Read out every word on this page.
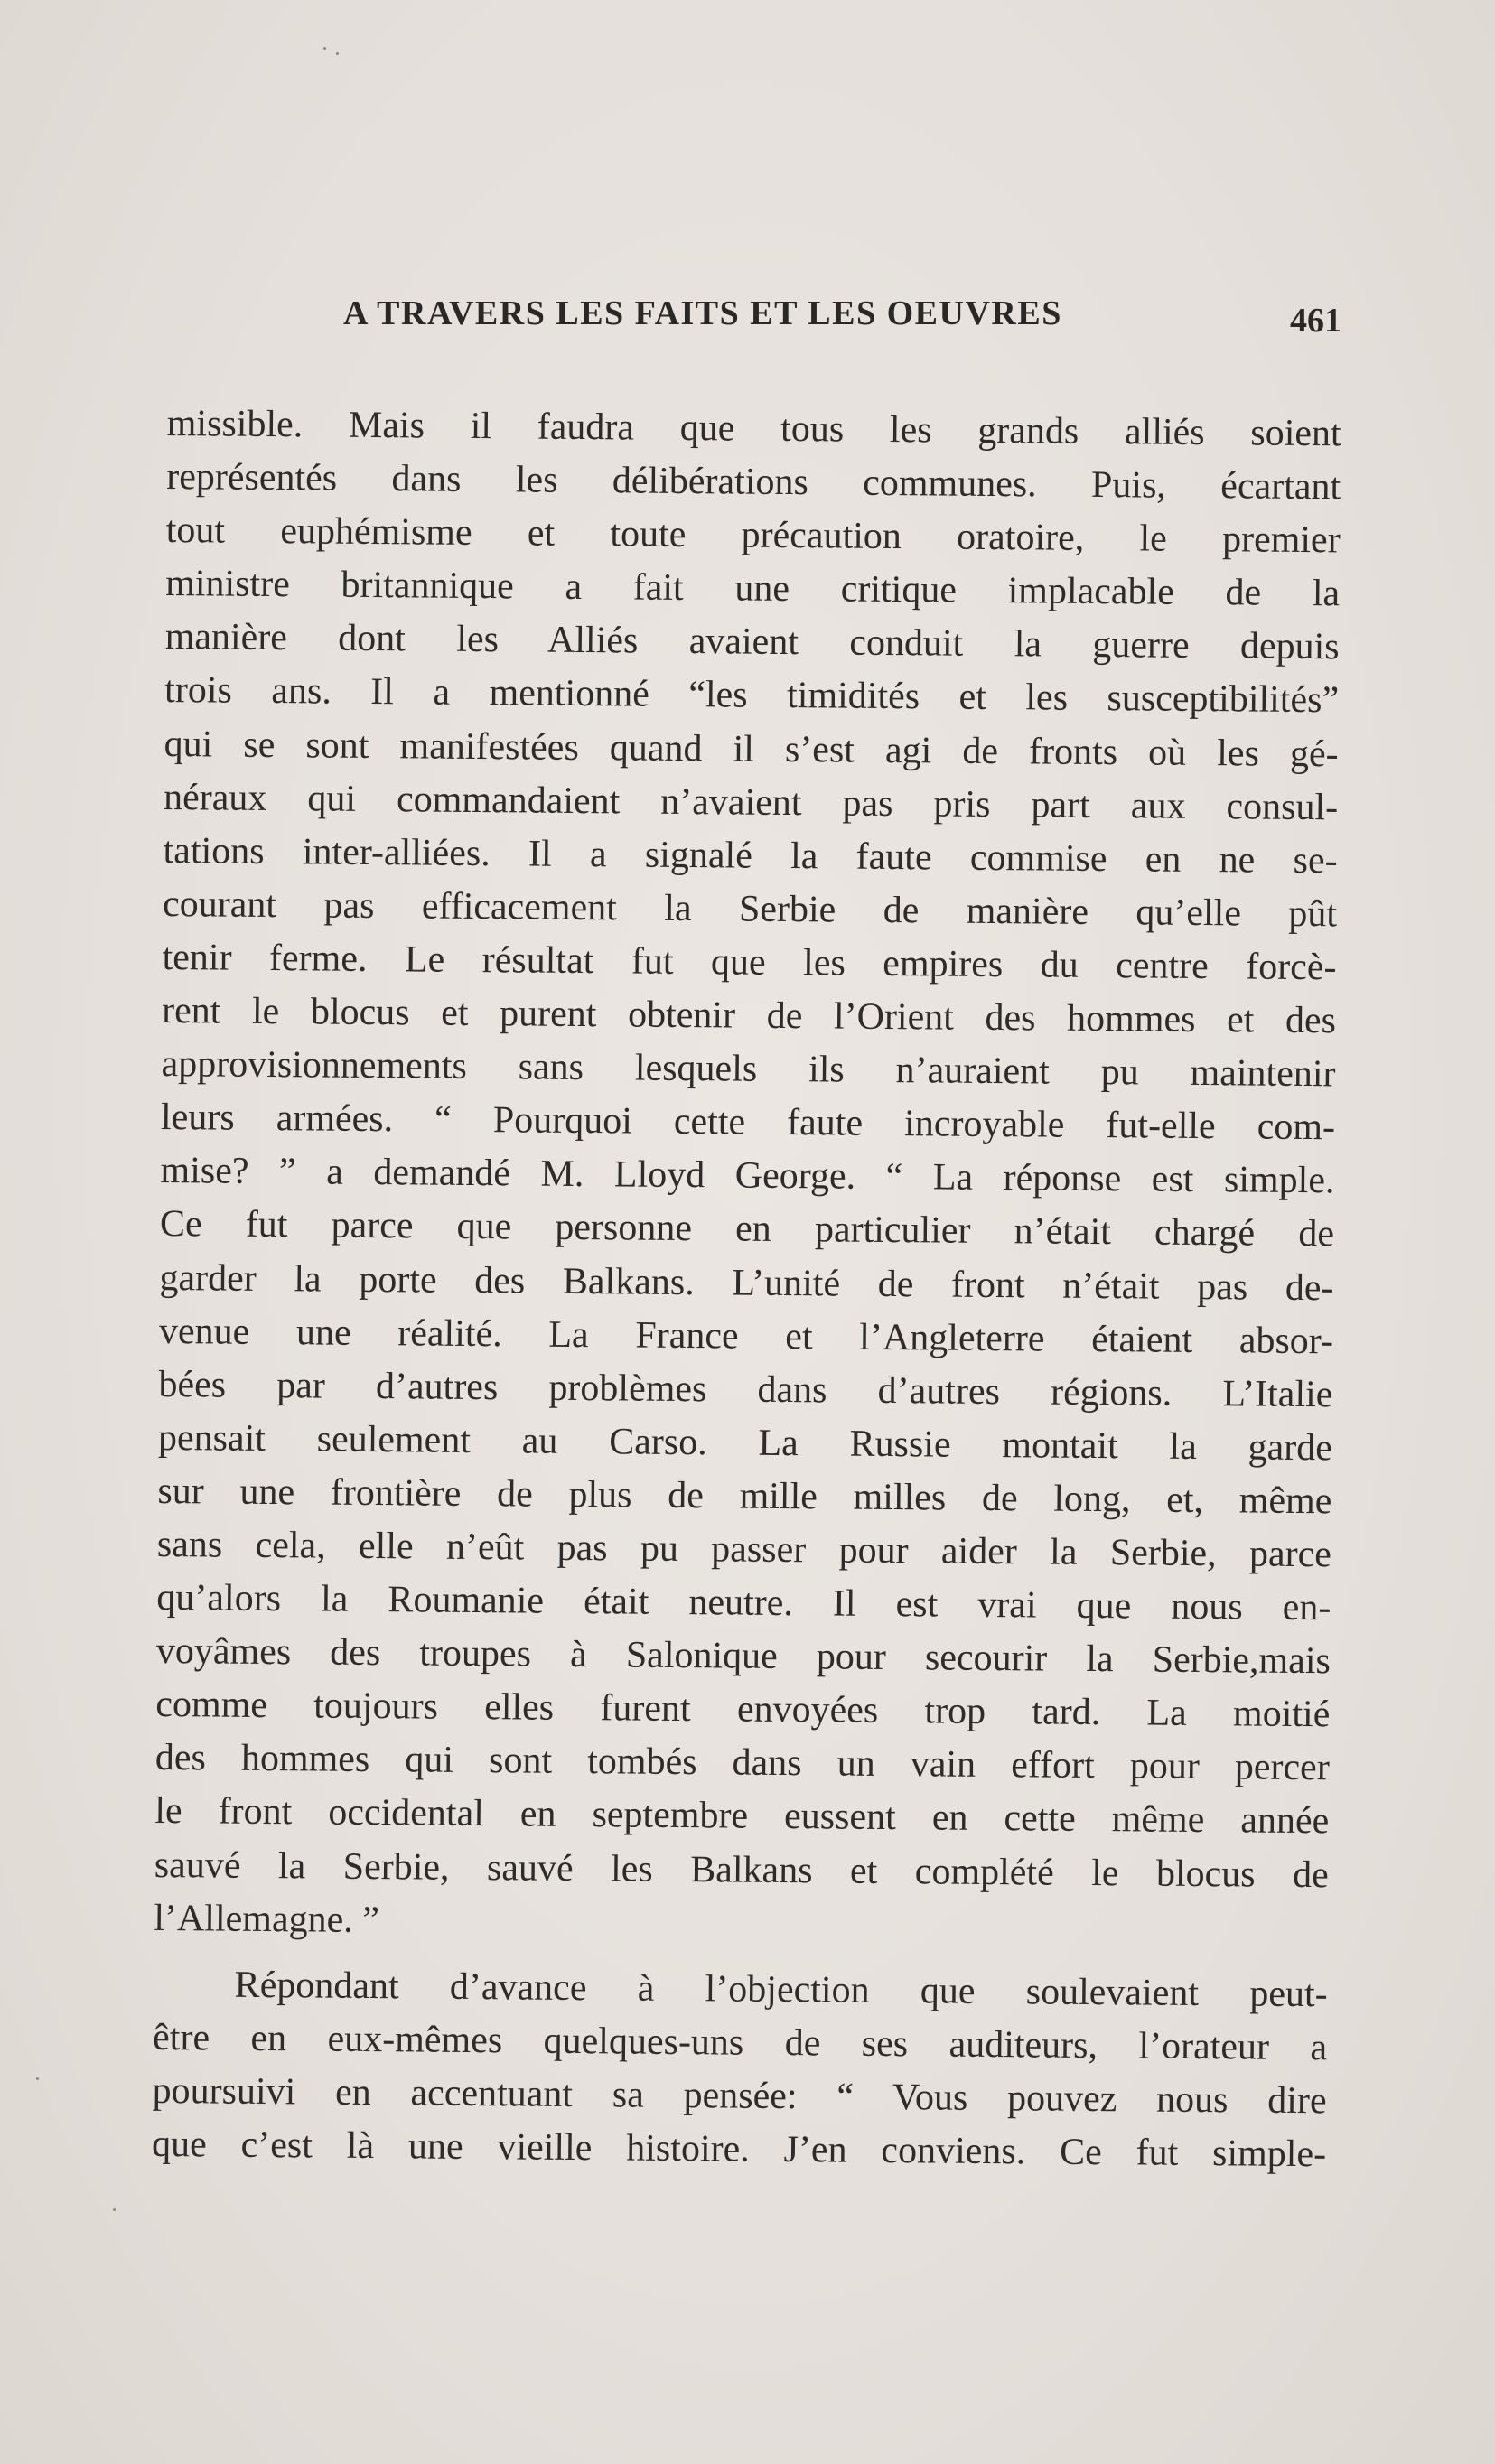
A TRAVERS LES FAITS ET LES OEUVRES	461
missible. Mais il faudra que tous les grands alliés soient
représentés dans les délibérations communes. Puis, écartant
tout euphémisme et toute précaution oratoire, le premier
ministre britannique a fait une critique implacable de la
manière dont les Alliés avaient conduit la guerre depuis
trois ans. Il a mentionné “les timidités et les susceptibilités”
qui se sont manifestées quand il s’est agi de fronts où les gé-
néraux qui commandaient n’avaient pas pris part aux consul-
tations inter-alliées. Il a signalé la faute commise en ne se-
courant pas efficacement la Serbie de manière qu’elle pût
tenir ferme. Le résultat fut que les empires du centre forcè-
rent le blocus et purent obtenir de l’Orient des hommes et des
approvisionnements sans lesquels ils n’auraient pu maintenir
leurs armées. “ Pourquoi cette faute incroyable fut-elle com-
mise? ” a demandé M. Lloyd George. “ La réponse est simple.
Ce fut parce que personne en particulier n’était chargé de
garder la porte des Balkans. L’unité de front n’était pas de-
venue une réalité. La France et l’Angleterre étaient absor-
bées par d’autres problèmes dans d’autres régions. L’Italie
pensait seulement au Carso. La Russie montait la garde
sur une frontière de plus de mille milles de long, et, même
sans cela, elle n’eût pas pu passer pour aider la Serbie, parce
qu’alors la Roumanie était neutre. Il est vrai que nous en-
voyâmes des troupes à Salonique pour secourir la Serbie,mais
comme toujours elles furent envoyées trop tard. La moitié
des hommes qui sont tombés dans un vain effort pour percer
le front occidental en septembre eussent en cette même année
sauvé la Serbie, sauvé les Balkans et complété le blocus de
l’Allemagne. ”
Répondant d’avance à l’objection que soulevaient peut-
être en eux-mêmes quelques-uns de ses auditeurs, l’orateur a
poursuivi en accentuant sa pensée: “ Vous pouvez nous dire
que c’est là une vieille histoire. J’en conviens. Ce fut simple-
